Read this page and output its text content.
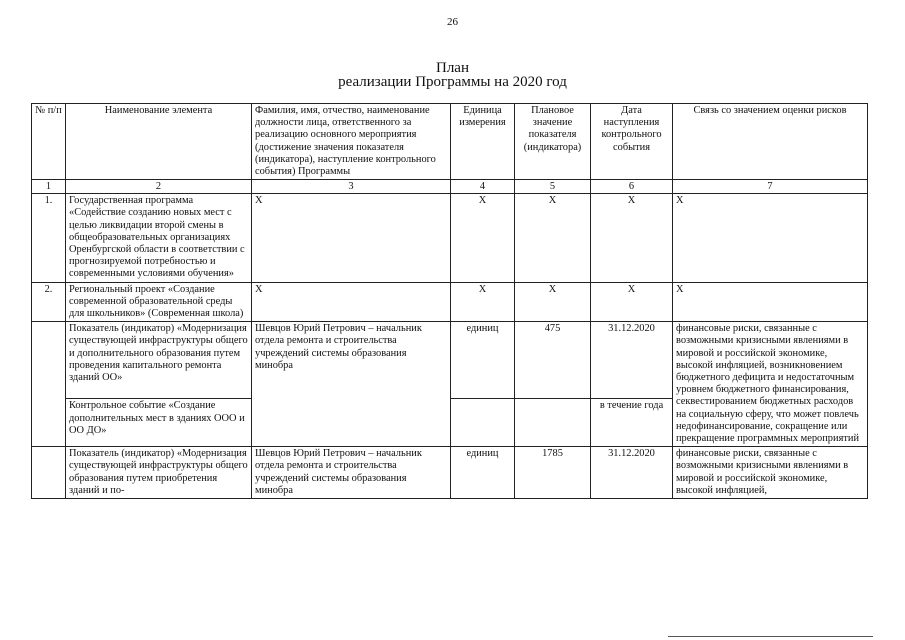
26
План
реализации Программы на 2020 год
№ п/п	Наименование элемента	Фамилия, имя, отчество, наименование должности лица, ответственного за реализацию основного мероприятия (достижение значения показателя (индикатора), наступление контрольного события) Программы	Единица измерения	Плановое значение показателя (индикатора)	Дата наступления контрольного события	Связь со значением оценки рисков
1	2	3	4	5	6	7
1.	Государственная программа «Содействие созданию новых мест с целью ликвидации второй смены в общеобразовательных организациях Оренбургской области в соответствии с прогнозируемой потребностью и современными условиями обучения»	Х	Х	Х	Х	Х
2.	Региональный проект «Создание современной образовательной среды для школьников» (Современная школа)	Х	Х	Х	Х	Х
	Показатель (индикатор) «Модернизация существующей инфраструктуры общего и дополнительного образования путем проведения капитального ремонта зданий ОО»	Шевцов Юрий Петрович – начальник отдела ремонта и строительства учреждений системы образования минобра	единиц	475	31.12.2020	финансовые риски, связанные с возможными кризисными явлениями в мировой и российской экономике, высокой инфляцией, возникновением бюджетного дефицита и недостаточным уровнем бюджетного финансирования, секвестированием бюджетных расходов на социальную сферу, что может повлечь недофинансирование, сокращение или прекращение программных мероприятий
	Контрольное событие «Создание дополнительных мест в зданиях ООО и ОО ДО»				в течение года	
	Показатель (индикатор) «Модернизация существующей инфраструктуры общего образования путем приобретения зданий и по-	Шевцов Юрий Петрович – начальник отдела ремонта и строительства учреждений системы образования минобра	единиц	1785	31.12.2020	финансовые риски, связанные с возможными кризисными явлениями в мировой и российской экономике, высокой инфляцией,
